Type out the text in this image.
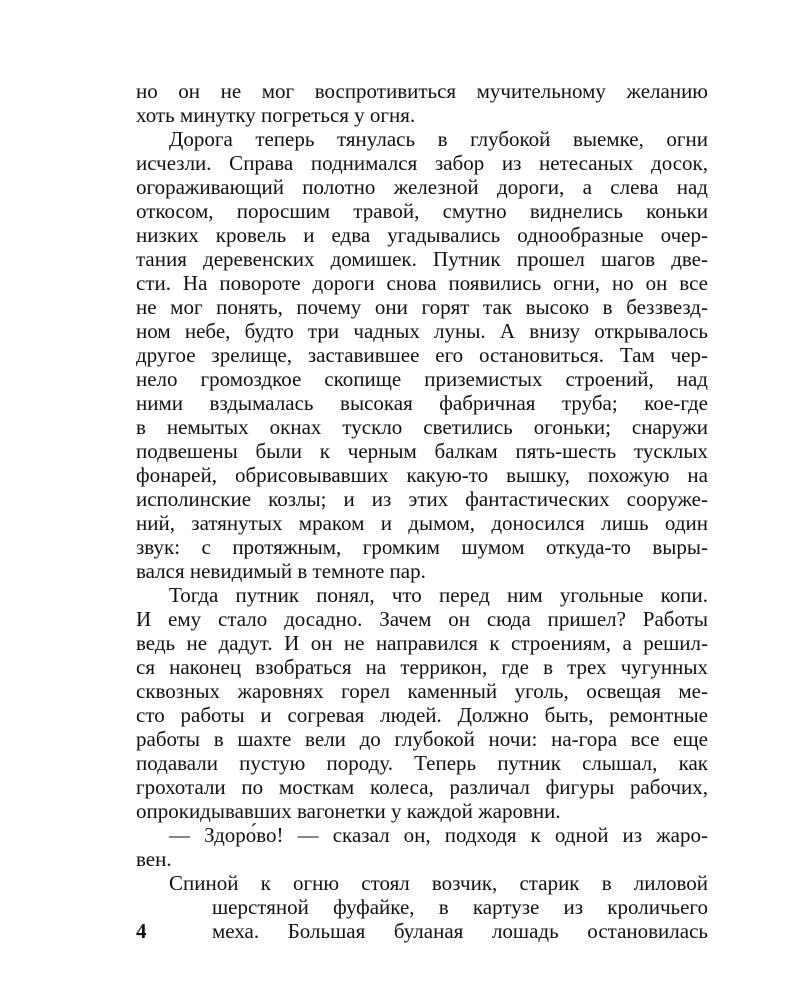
но он не мог воспротивиться мучительному желанию
хоть минутку погреться у огня.
Дорога теперь тянулась в глубокой выемке, огни
исчезли. Справа поднимался забор из нетесаных досок,
огораживающий полотно железной дороги, а слева над
откосом, поросшим травой, смутно виднелись коньки
низких кровель и едва угадывались однообразные очер-
тания деревенских домишек. Путник прошел шагов две-
сти. На повороте дороги снова появились огни, но он все
не мог понять, почему они горят так высоко в беззвезд-
ном небе, будто три чадных луны. А внизу открывалось
другое зрелище, заставившее его остановиться. Там чер-
нело громоздкое скопище приземистых строений, над
ними вздымалась высокая фабричная труба; кое-где
в немытых окнах тускло светились огоньки; снаружи
подвешены были к черным балкам пять-шесть тусклых
фонарей, обрисовывавших какую-то вышку, похожую на
исполинские козлы; и из этих фантастических сооруже-
ний, затянутых мраком и дымом, доносился лишь один
звук: с протяжным, громким шумом откуда-то выры-
вался невидимый в темноте пар.
Тогда путник понял, что перед ним угольные копи.
И ему стало досадно. Зачем он сюда пришел? Работы
ведь не дадут. И он не направился к строениям, а решил-
ся наконец взобраться на террикон, где в трех чугунных
сквозных жаровнях горел каменный уголь, освещая ме-
сто работы и согревая людей. Должно быть, ремонтные
работы в шахте вели до глубокой ночи: на-гора все еще
подавали пустую породу. Теперь путник слышал, как
грохотали по мосткам колеса, различал фигуры рабочих,
опрокидывавших вагонетки у каждой жаровни.
— Здоро́во! — сказал он, подходя к одной из жаро-
вен.
Спиной к огню стоял возчик, старик в лиловой
шерстяной фуфайке, в картузе из кроличьего
меха. Большая буланая лошадь остановилась
4
